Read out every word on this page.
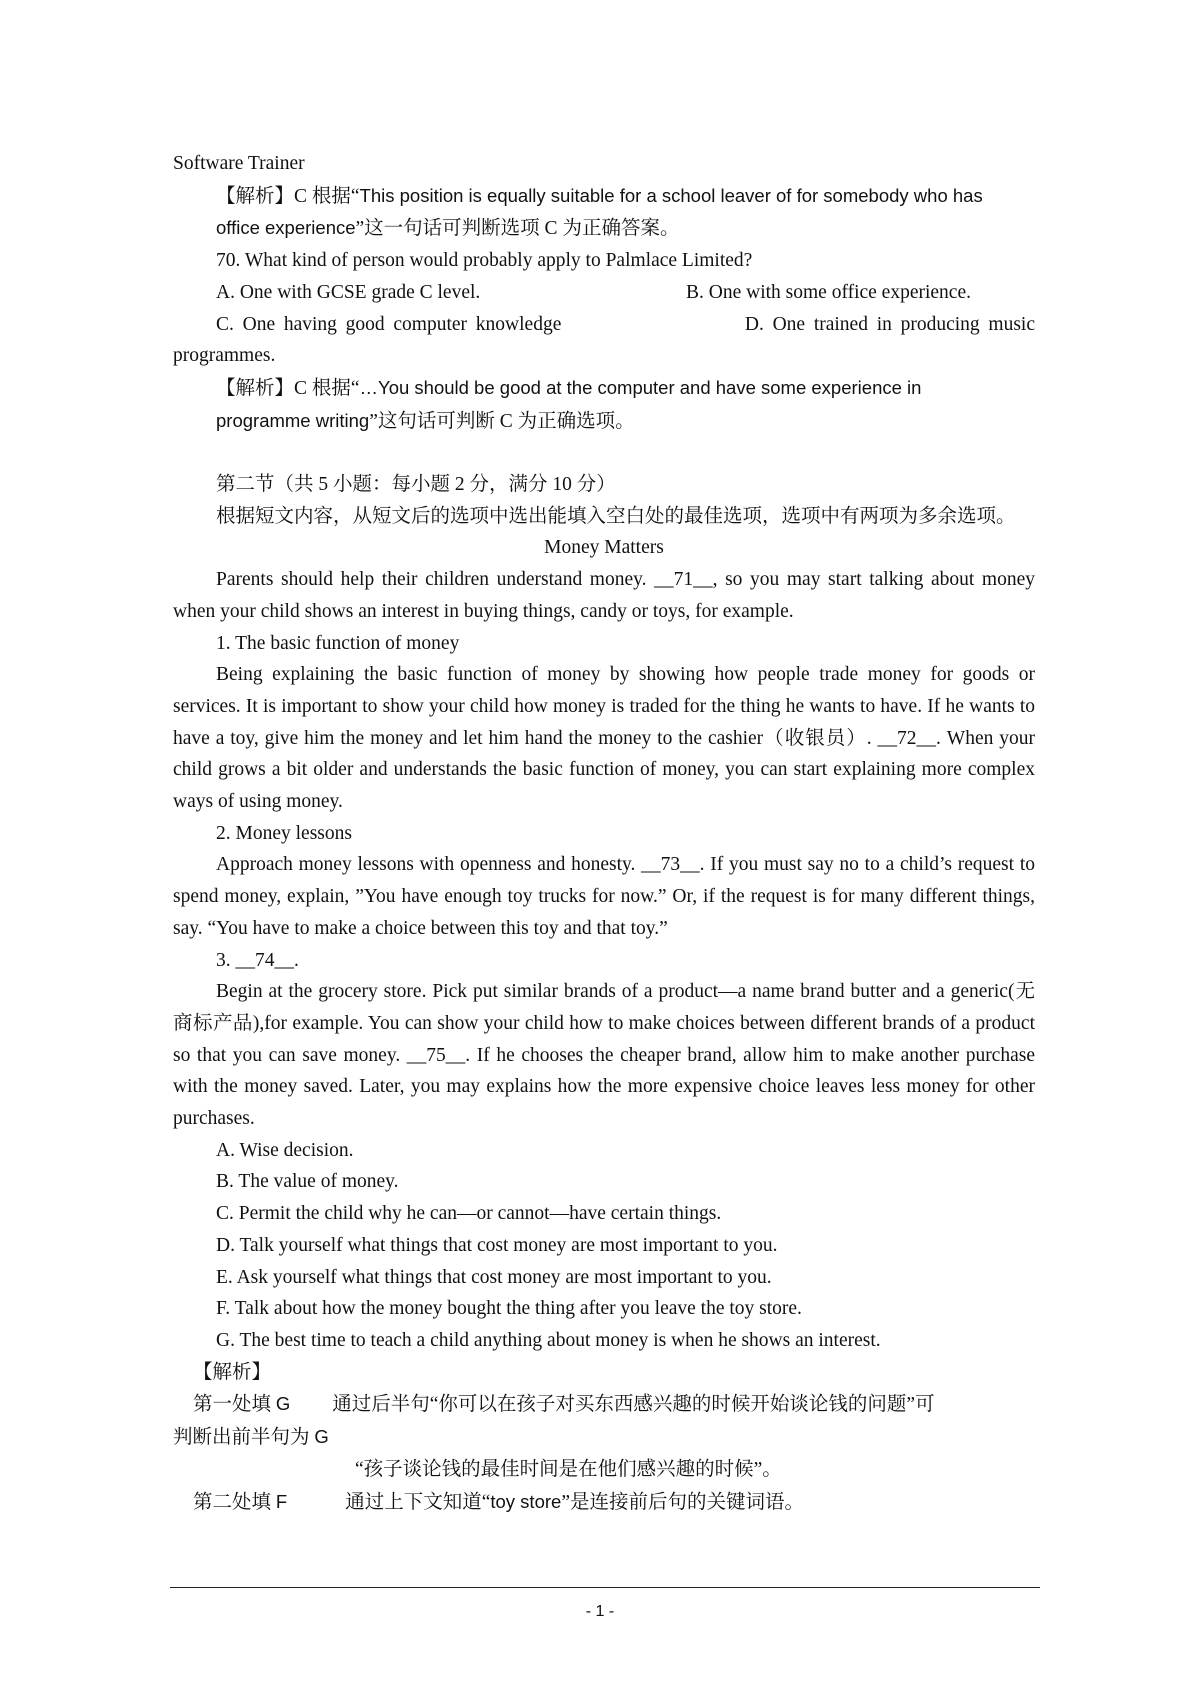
Software Trainer
【解析】C 根据“This position is equally suitable for a school leaver of for somebody who has
office experience”这一句话可判断选项 C 为正确答案。
70. What kind of person would probably apply to Palmlace Limited?
A. One with GCSE grade C level.	B. One with some office experience.
C. One having good computer knowledge                     D. One trained in producing music
programmes.
【解析】C 根据“…You should be good at the computer and have some experience in
programme writing”这句话可判断 C 为正确选项。
第二节（共 5 小题：每小题 2 分，满分 10 分）
根据短文内容，从短文后的选项中选出能填入空白处的最佳选项，选项中有两项为多余选项。
Money Matters
Parents should help their children understand money. __71__, so you may start talking about money when your child shows an interest in buying things, candy or toys, for example.
1. The basic function of money
Being explaining the basic function of money by showing how people trade money for goods or services. It is important to show your child how money is traded for the thing he wants to have. If he wants to have a toy, give him the money and let him hand the money to the cashier（收银员）. __72__. When your child grows a bit older and understands the basic function of money, you can start explaining more complex ways of using money.
2. Money lessons
Approach money lessons with openness and honesty. __73__. If you must say no to a child’s request to spend money, explain, ”You have enough toy trucks for now.” Or, if the request is for many different things, say. “You have to make a choice between this toy and that toy.”
3. __74__.
Begin at the grocery store. Pick put similar brands of a product—a name brand butter and a generic(无商标产品),for example. You can show your child how to make choices between different brands of a product so that you can save money. __75__. If he chooses the cheaper brand, allow him to make another purchase with the money saved. Later, you may explains how the more expensive choice leaves less money for other purchases.
A. Wise decision.
B. The value of money.
C. Permit the child why he can—or cannot—have certain things.
D. Talk yourself what things that cost money are most important to you.
E. Ask yourself what things that cost money are most important to you.
F. Talk about how the money bought the thing after you leave the toy store.
G. The best time to teach a child anything about money is when he shows an interest.
【解析】
第一处填 G 通过后半句“你可以在孩子对买东西感兴趣的时候开始谈论钱的问题”可
判断出前半句为 G
“孩子谈论钱的最佳时间是在他们感兴趣的时候”。
第二处填 F	通过上下文知道“toy store”是连接前后句的关键词语。
- 1 -
